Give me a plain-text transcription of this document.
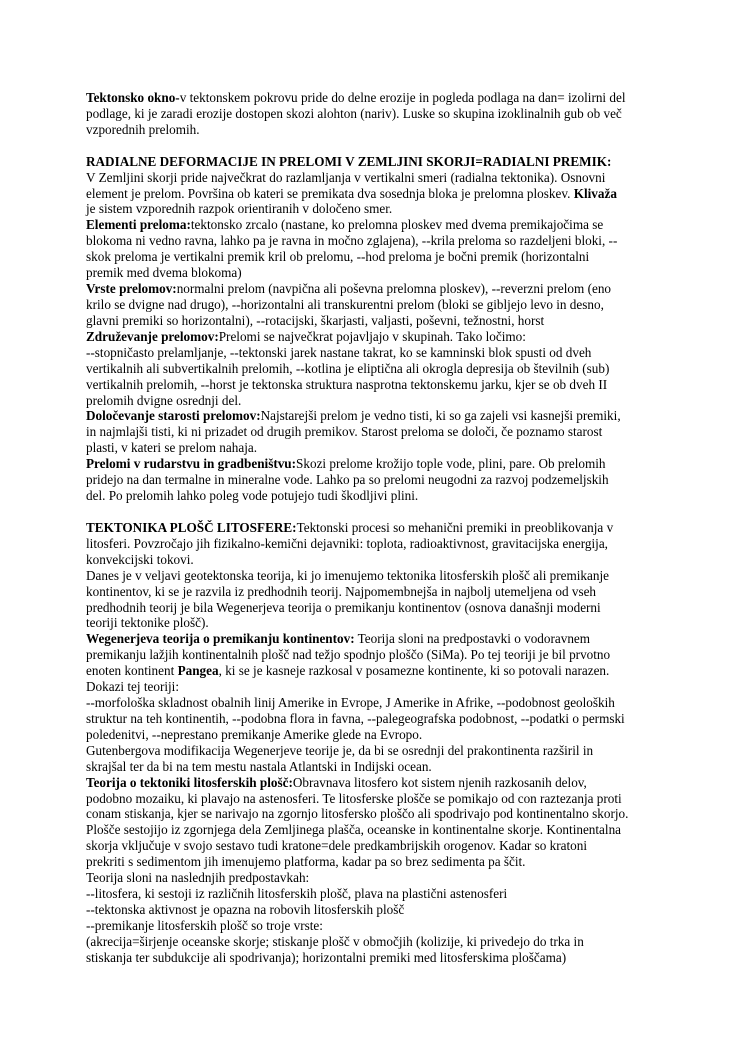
Tektonsko okno-v tektonskem pokrovu pride do delne erozije in pogleda podlaga na dan= izolirni del
podlage, ki je zaradi erozije dostopen skozi alohton (nariv). Luske so skupina izoklinalnih gub ob več
vzporednih prelomih.
RADIALNE DEFORMACIJE IN PRELOMI V ZEMLJINI SKORJI=RADIALNI PREMIK:
V Zemljini skorji pride največkrat do razlamljanja v vertikalni smeri (radialna tektonika). Osnovni
element je prelom. Površina ob kateri se premikata dva sosednja bloka je prelomna ploskev. Klivaža
je sistem vzporednih razpok orientiranih v določeno smer.
Elementi preloma:tektonsko zrcalo (nastane, ko prelomna ploskev med dvema premikajočima se
blokoma ni vedno ravna, lahko pa je ravna in močno zglajena), --krila preloma so razdeljeni bloki, --
skok preloma je vertikalni premik kril ob prelomu, --hod preloma je bočni premik (horizontalni
premik med dvema blokoma)
Vrste prelomov:normalni prelom (navpična ali poševna prelomna ploskev), --reverzni prelom (eno
krilo se dvigne nad drugo), --horizontalni ali transkurentni prelom (bloki se gibljejo levo in desno,
glavni premiki so horizontalni), --rotacijski, škarjasti, valjasti, poševni, težnostni, horst
Združevanje prelomov:Prelomi se največkrat pojavljajo v skupinah. Tako ločimo:
--stopničasto prelamljanje, --tektonski jarek nastane takrat, ko se kamninski blok spusti od dveh
vertikalnih ali subvertikalnih prelomih, --kotlina je eliptična ali okrogla depresija ob številnih (sub)
vertikalnih prelomih, --horst je tektonska struktura nasprotna tektonskemu jarku, kjer se ob dveh II
prelomih dvigne osrednji del.
Določevanje starosti prelomov:Najstarejši prelom je vedno tisti, ki so ga zajeli vsi kasnejši premiki,
in najmlajši tisti, ki ni prizadet od drugih premikov. Starost preloma se določi, če poznamo starost
plasti, v kateri se prelom nahaja.
Prelomi v rudarstvu in gradbeništvu:Skozi prelome krožijo tople vode, plini, pare. Ob prelomih
pridejo na dan termalne in mineralne vode. Lahko pa so prelomi neugodni za razvoj podzemeljskih
del. Po prelomih lahko poleg vode potujejo tudi škodljivi plini.
TEKTONIKA PLOŠČ LITOSFERE:Tektonski procesi so mehanični premiki in preoblikovanja v
litosferi. Povzročajo jih fizikalno-kemični dejavniki: toplota, radioaktivnost, gravitacijska energija,
konvekcijski tokovi.
Danes je v veljavi geotektonska teorija, ki jo imenujemo tektonika litosferskih plošč ali premikanje
kontinentov, ki se je razvila iz predhodnih teorij. Najpomembnejša in najbolj utemeljena od vseh
predhodnih teorij je bila Wegenerjeva teorija o premikanju kontinentov (osnova današnji moderni
teoriji tektonike plošč).
Wegenerjeva teorija o premikanju kontinentov: Teorija sloni na predpostavki o vodoravnem
premikanju lažjih kontinentalnih plošč nad težjo spodnjo ploščo (SiMa). Po tej teoriji je bil prvotno
enoten kontinent Pangea, ki se je kasneje razkosal v posamezne kontinente, ki so potovali narazen.
Dokazi tej teoriji:
--morfološka skladnost obalnih linij Amerike in Evrope, J Amerike in Afrike, --podobnost geoloških
struktur na teh kontinentih, --podobna flora in favna, --palegeografska podobnost, --podatki o permski
poledenitvi, --neprestano premikanje Amerike glede na Evropo.
Gutenbergova modifikacija Wegenerjeve teorije je, da bi se osrednji del prakontinenta razširil in
skrajšal ter da bi na tem mestu nastala Atlantski in Indijski ocean.
Teorija o tektoniki litosferskih plošč:Obravnava litosfero kot sistem njenih razkosanih delov,
podobno mozaiku, ki plavajo na astenosferi. Te litosferske plošče se pomikajo od con raztezanja proti
conam stiskanja, kjer se narivajo na zgornjo litosfersko ploščo ali spodrivajo pod kontinentalno skorjo.
Plošče sestojijo iz zgornjega dela Zemljinega plašča, oceanske in kontinentalne skorje. Kontinentalna
skorja vključuje v svojo sestavo tudi kratone=dele predkambrijskih orogenov. Kadar so kratoni
prekriti s sedimentom jih imenujemo platforma, kadar pa so brez sedimenta pa ščit.
Teorija sloni na naslednjih predpostavkah:
--litosfera, ki sestoji iz različnih litosferskih plošč, plava na plastični astenosferi
--tektonska aktivnost je opazna na robovih litosferskih plošč
--premikanje litosferskih plošč so troje vrste:
(akrecija=širjenje oceanske skorje; stiskanje plošč v območjih (kolizije, ki privedejo do trka in
stiskanja ter subdukcije ali spodrivanja); horizontalni premiki med litosferskima ploščama)
